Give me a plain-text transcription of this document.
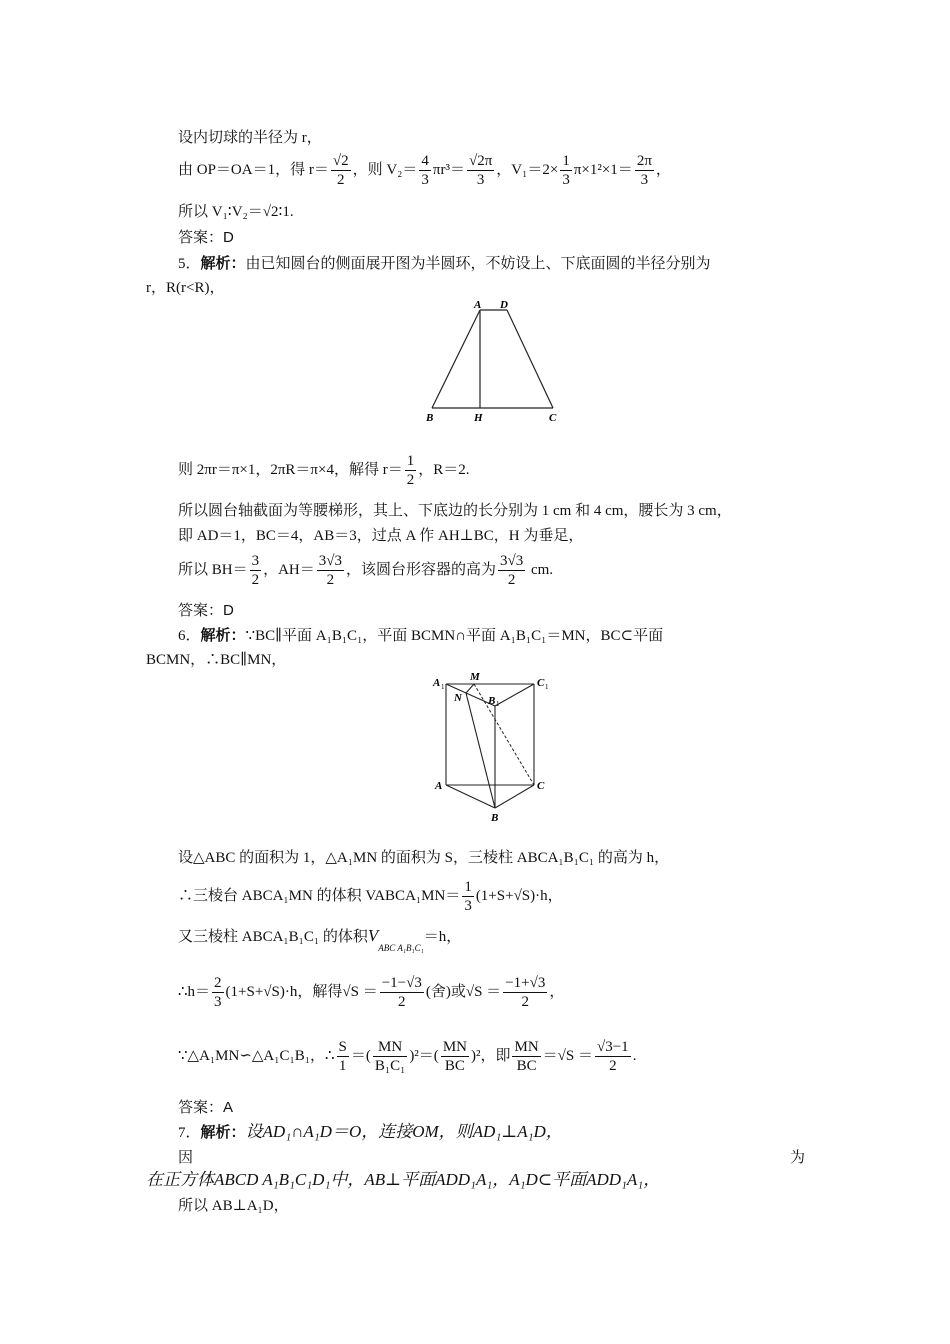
设内切球的半径为 r，
由 OP＝OA＝1，得 $r= \frac{√2}{2}$ ，则 $V_2= \frac{4}{3} \pi r^3= \frac{√2\pi}{3}$ ，$V_1=2\times \frac{1}{3} \pi\times 1^2\times 1= \frac{2\pi}{3}$ ，
所以 V₁∶V₂＝√2∶1.
答案：D
5．解析：由已知圆台的侧面展开图为半圆环，不妨设上、下底面圆的半径分别为
r，R(r<R)，
A D
B	H	C
则 2πr＝π×1，2πR＝π×4，解得 $r= \frac{1}{2}$ ，R＝2.
所以圆台轴截面为等腰梯形，其上、下底边的长分别为 1 cm 和 4 cm，腰长为 3 cm，
即 AD＝1，BC＝4，AB＝3，过点 A 作 AH⊥BC，H 为垂足，
所以 $BH= \frac{3}{2}$ ，$AH= \frac{3√3}{2}$ ，该圆台形容器的高为 $\frac{3√3}{2}$ cm.
答案：D
6．解析：∵BC∥平面 A₁B₁C₁，平面 BCMN∩平面 A₁B₁C₁＝MN，BC⊂平面
BCMN，∴BC∥MN，
A 1
M	C 1
N B 1
A	C
B
设△ABC 的面积为 1，△A₁MN 的面积为 S，三棱柱 ABCA₁B₁C₁ 的高为 h，
∴三棱台 ABCA₁MN 的体积 VABCA₁MN＝ $\frac{1}{3} (1+S+√S)\cdot h$，
又三棱柱 ABCA₁B₁C₁ 的体积$V_{ABC A_1B_1C_1}=h$，
∴h＝ $\frac{2}{3} (1+S+√S)\cdot h$，解得$√S = \frac{-1-√3}{2}$ (舍)或$√S = \frac{-1+√3}{2}$ ，
∵△A₁MN∽△A₁C₁B₁，∴ $\frac{S}{1}$ ＝( $\frac{MN}{\text{B₁C₁}} )^2=( \frac{MN}{BC} )^2$，即 $\frac{MN}{BC} =√S = \frac{√3-1}{2}$ .
答案：A
7．解析：设AD₁∩A₁D＝O，连接OM，则AD₁⊥A₁D，
因	为
在正方体ABCD A₁B₁C₁D₁中，AB⊥平面ADD₁A₁，A₁D⊂平面ADD₁A₁，
所以 AB⊥A₁D，
